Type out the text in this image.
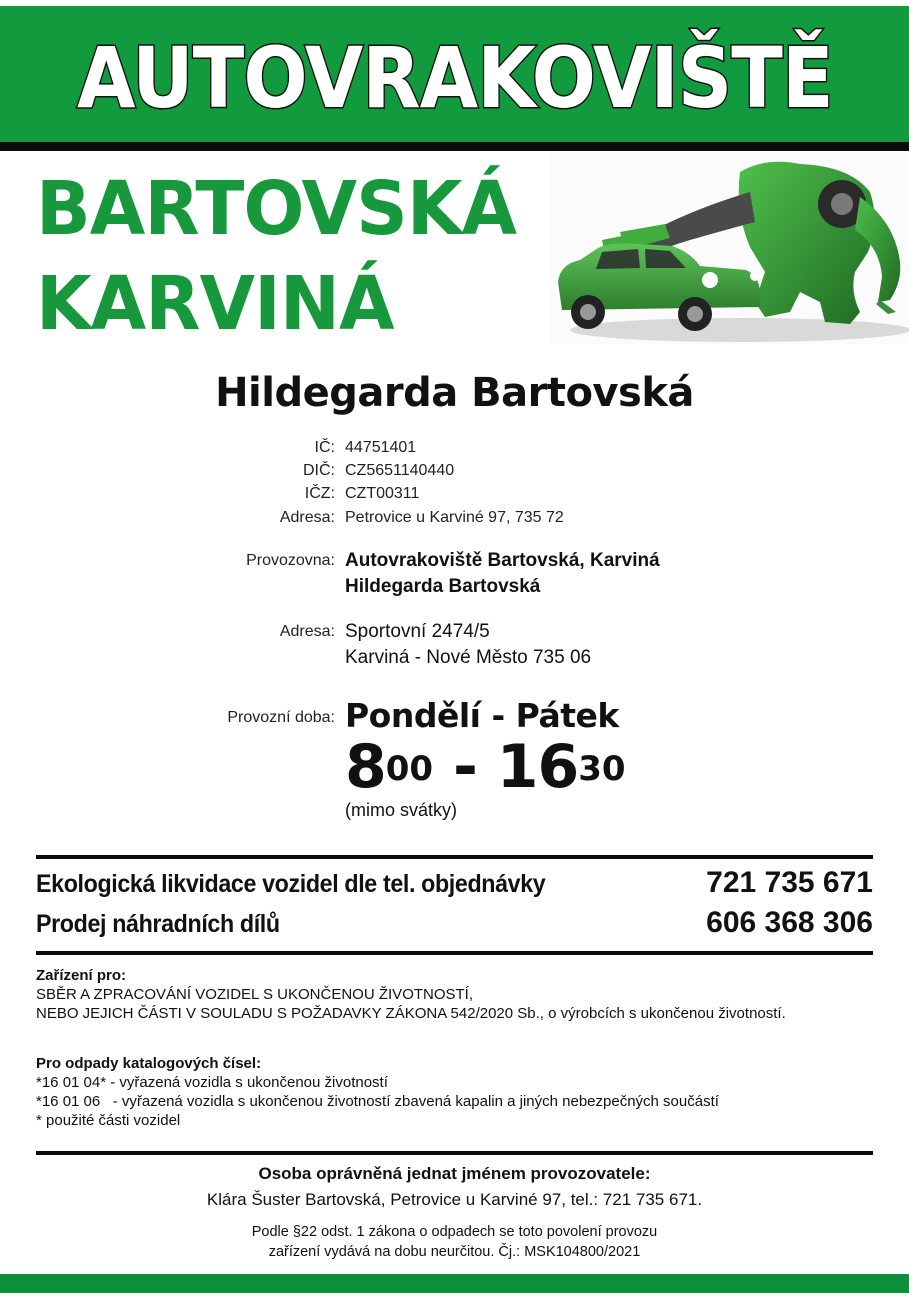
AUTOVRAKOVIŠTĚ
BARTOVSKÁ
KARVINÁ
Hildegarda Bartovská
IČ: 44751401
DIČ: CZ5651140440
IČZ: CZT00311
Adresa: Petrovice u Karviné 97, 735 72
Provozovna: Autovrakoviště Bartovská, Karviná
Hildegarda Bartovská
Adresa: Sportovní 2474/5
Karviná - Nové Město 735 06
Provozní doba: Pondělí - Pátek
$8^{00} - 16^{30}$
(mimo svátky)
Ekologická likvidace vozidel dle tel. objednávky	721 735 671
Prodej náhradních dílů	606 368 306
Zařízení pro:
SBĚR A ZPRACOVÁNÍ VOZIDEL S UKONČENOU ŽIVOTNOSTÍ,
NEBO JEJICH ČÁSTI V SOULADU S POŽADAVKY ZÁKONA 542/2020 Sb., o výrobcích s ukončenou životností.
Pro odpady katalogových čísel:
*16 01 04* - vyřazená vozidla s ukončenou životností
*16 01 06   - vyřazená vozidla s ukončenou životností zbavená kapalin a jiných nebezpečných součástí
* použité části vozidel
Osoba oprávněná jednat jménem provozovatele:
Klára Šuster Bartovská, Petrovice u Karviné 97, tel.: 721 735 671.
Podle §22 odst. 1 zákona o odpadech se toto povolení provozu
zařízení vydává na dobu neurčitou. Čj.: MSK104800/2021
